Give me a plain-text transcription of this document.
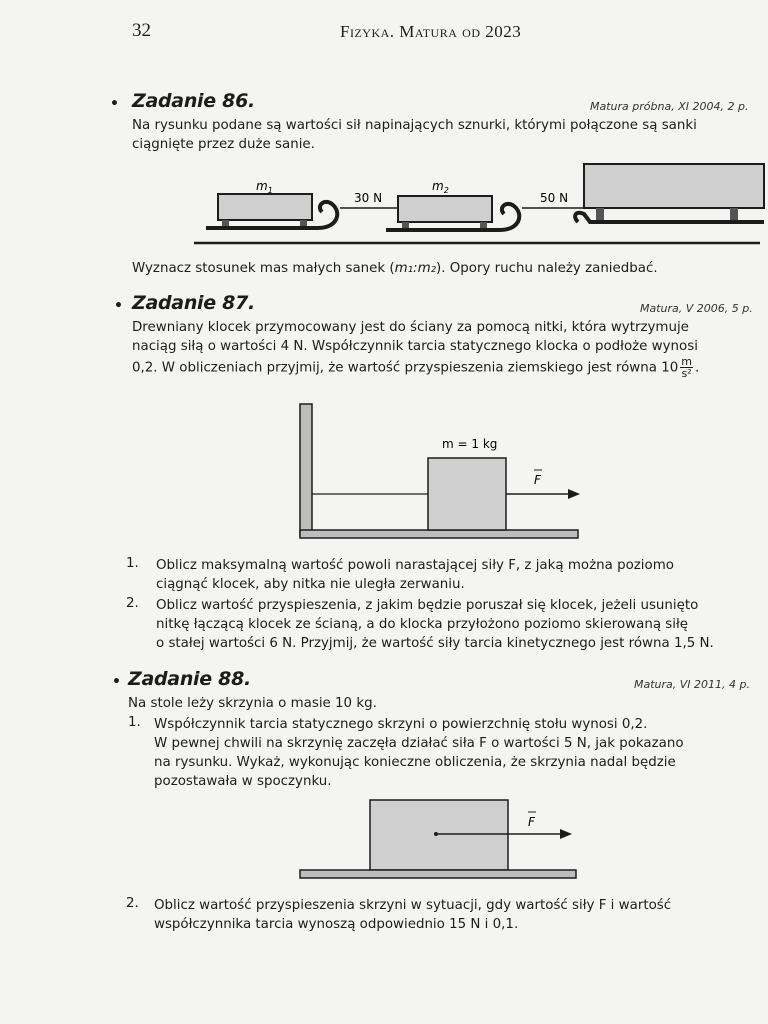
32	Fizyka. Matura od 2023
• Zadanie 86.	Matura próbna, XI 2004, 2 p.
Na rysunku podane są wartości sił napinających sznurki, którymi połączone są sanki
ciągnięte przez duże sanie.
$m_1$	$m_2$
30 N	50 N
Wyznacz stosunek mas małych sanek (m₁:m₂). Opory ruchu należy zaniedbać.
• Zadanie 87.	Matura, V 2006, 5 p.
Drewniany klocek przymocowany jest do ściany za pomocą nitki, która wytrzymuje
naciąg siłą o wartości 4 N. Współczynnik tarcia statycznego klocka o podłoże wynosi
0,2. W obliczeniach przyjmij, że wartość przyspieszenia ziemskiego jest równa $10 \frac{m}{\text{s²}}$ .
m = 1 kg
F
1. Oblicz maksymalną wartość powoli narastającej siły F, z jaką można poziomo
ciągnąć klocek, aby nitka nie uległa zerwaniu.
2. Oblicz wartość przyspieszenia, z jakim będzie poruszał się klocek, jeżeli usunięto
nitkę łączącą klocek ze ścianą, a do klocka przyłożono poziomo skierowaną siłę
o stałej wartości 6 N. Przyjmij, że wartość siły tarcia kinetycznego jest równa 1,5 N.
• Zadanie 88.	Matura, VI 2011, 4 p.
Na stole leży skrzynia o masie 10 kg.
1. Współczynnik tarcia statycznego skrzyni o powierzchnię stołu wynosi 0,2.
W pewnej chwili na skrzynię zaczęła działać siła F o wartości 5 N, jak pokazano
na rysunku. Wykaż, wykonując konieczne obliczenia, że skrzynia nadal będzie
pozostawała w spoczynku.
F
2. Oblicz wartość przyspieszenia skrzyni w sytuacji, gdy wartość siły F i wartość
współczynnika tarcia wynoszą odpowiednio 15 N i 0,1.
